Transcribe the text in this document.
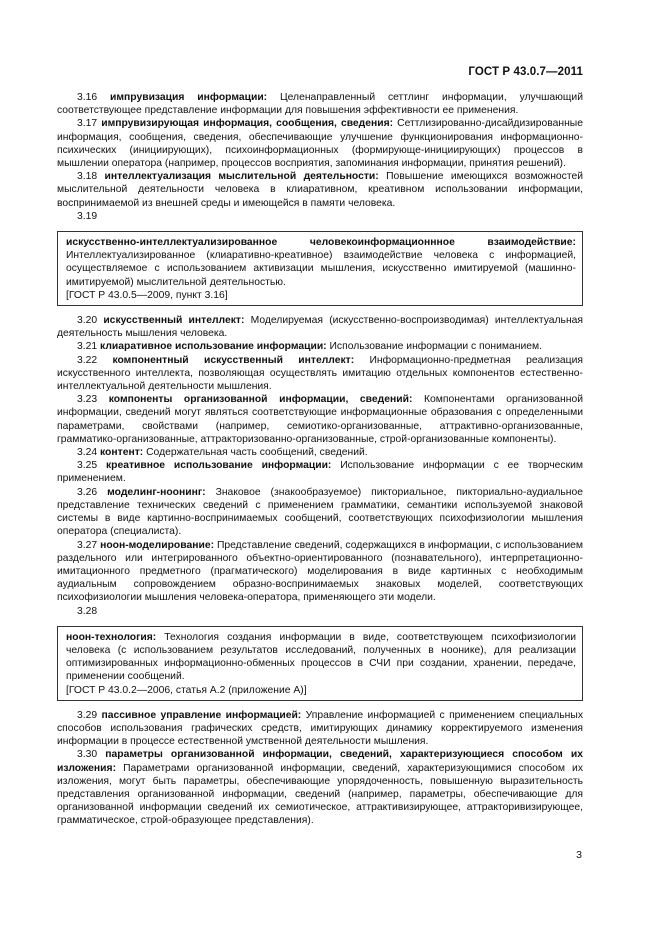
ГОСТ Р 43.0.7—2011

3.16 импрувизация информации: Целенаправленный сеттлинг информации, улучшающий соответствующее представление информации для повышения эффективности ее применения.

3.17 импрувизирующая информация, сообщения, сведения: Сеттлизированно-дисайдизированные информация, сообщения, сведения, обеспечивающие улучшение функционирования информационно-психических (инициирующих), психоинформационных (формирующе-инициирующих) процессов в мышлении оператора (например, процессов восприятия, запоминания информации, принятия решений).

3.18 интеллектуализация мыслительной деятельности: Повышение имеющихся возможностей мыслительной деятельности человека в клиаративном, креативном использовании информации, воспринимаемой из внешней среды и имеющейся в памяти человека.

3.19

искусственно-интеллектуализированное человекоинформационнное взаимодействие: Интеллектуализированное (клиаративно-креативное) взаимодействие человека с информацией, осуществляемое с использованием активизации мышления, искусственно имитируемой (машинно-имитируемой) мыслительной деятельностью.

[ГОСТ Р 43.0.5—2009, пункт 3.16]

3.20 искусственный интеллект: Моделируемая (искусственно-воспроизводимая) интеллектуальная деятельность мышления человека.

3.21 клиаративное использование информации: Использование информации с пониманием.

3.22 компонентный искусственный интеллект: Информационно-предметная реализация искусственного интеллекта, позволяющая осуществлять имитацию отдельных компонентов естественно-интеллектуальной деятельности мышления.

3.23 компоненты организованной информации, сведений: Компонентами организованной информации, сведений могут являться соответствующие информационные образования с определенными параметрами, свойствами (например, семиотико-организованные, аттрактивно-организованные, грамматико-организованные, аттракторизованно-организованные, строй-организованные компоненты).

3.24 контент: Содержательная часть сообщений, сведений.

3.25 креативное использование информации: Использование информации с ее творческим применением.

3.26 моделинг-ноонинг: Знаковое (знакообразуемое) пикториальное, пикториально-аудиальное представление технических сведений с применением грамматики, семантики используемой знаковой системы в виде картинно-воспринимаемых сообщений, соответствующих психофизиологии мышления оператора (специалиста).

3.27 ноон-моделирование: Представление сведений, содержащихся в информации, с использованием раздельного или интегрированного объектно-ориентированного (познавательного), интерпретационно-имитационного предметного (прагматического) моделирования в виде картинных с необходимым аудиальным сопровождением образно-воспринимаемых знаковых моделей, соответствующих психофизиологии мышления человека-оператора, применяющего эти модели.

3.28

ноон-технология: Технология создания информации в виде, соответствующем психофизиологии человека (с использованием результатов исследований, полученных в ноонике), для реализации оптимизированных информационно-обменных процессов в СЧИ при создании, хранении, передаче, применении сообщений.

[ГОСТ Р 43.0.2—2006, статья А.2 (приложение А)]

3.29 пассивное управление информацией: Управление информацией с применением специальных способов использования графических средств, имитирующих динамику корректируемого изменения информации в процессе естественной умственной деятельности мышления.

3.30 параметры организованной информации, сведений, характеризующиеся способом их изложения: Параметрами организованной информации, сведений, характеризующимися способом их изложения, могут быть параметры, обеспечивающие упорядоченность, повышенную выразительность представления организованной информации, сведений (например, параметры, обеспечивающие для организованной информации сведений их семиотическое, аттрактивизирующее, аттракторивизирующее, грамматическое, строй-образующее представления).

3
